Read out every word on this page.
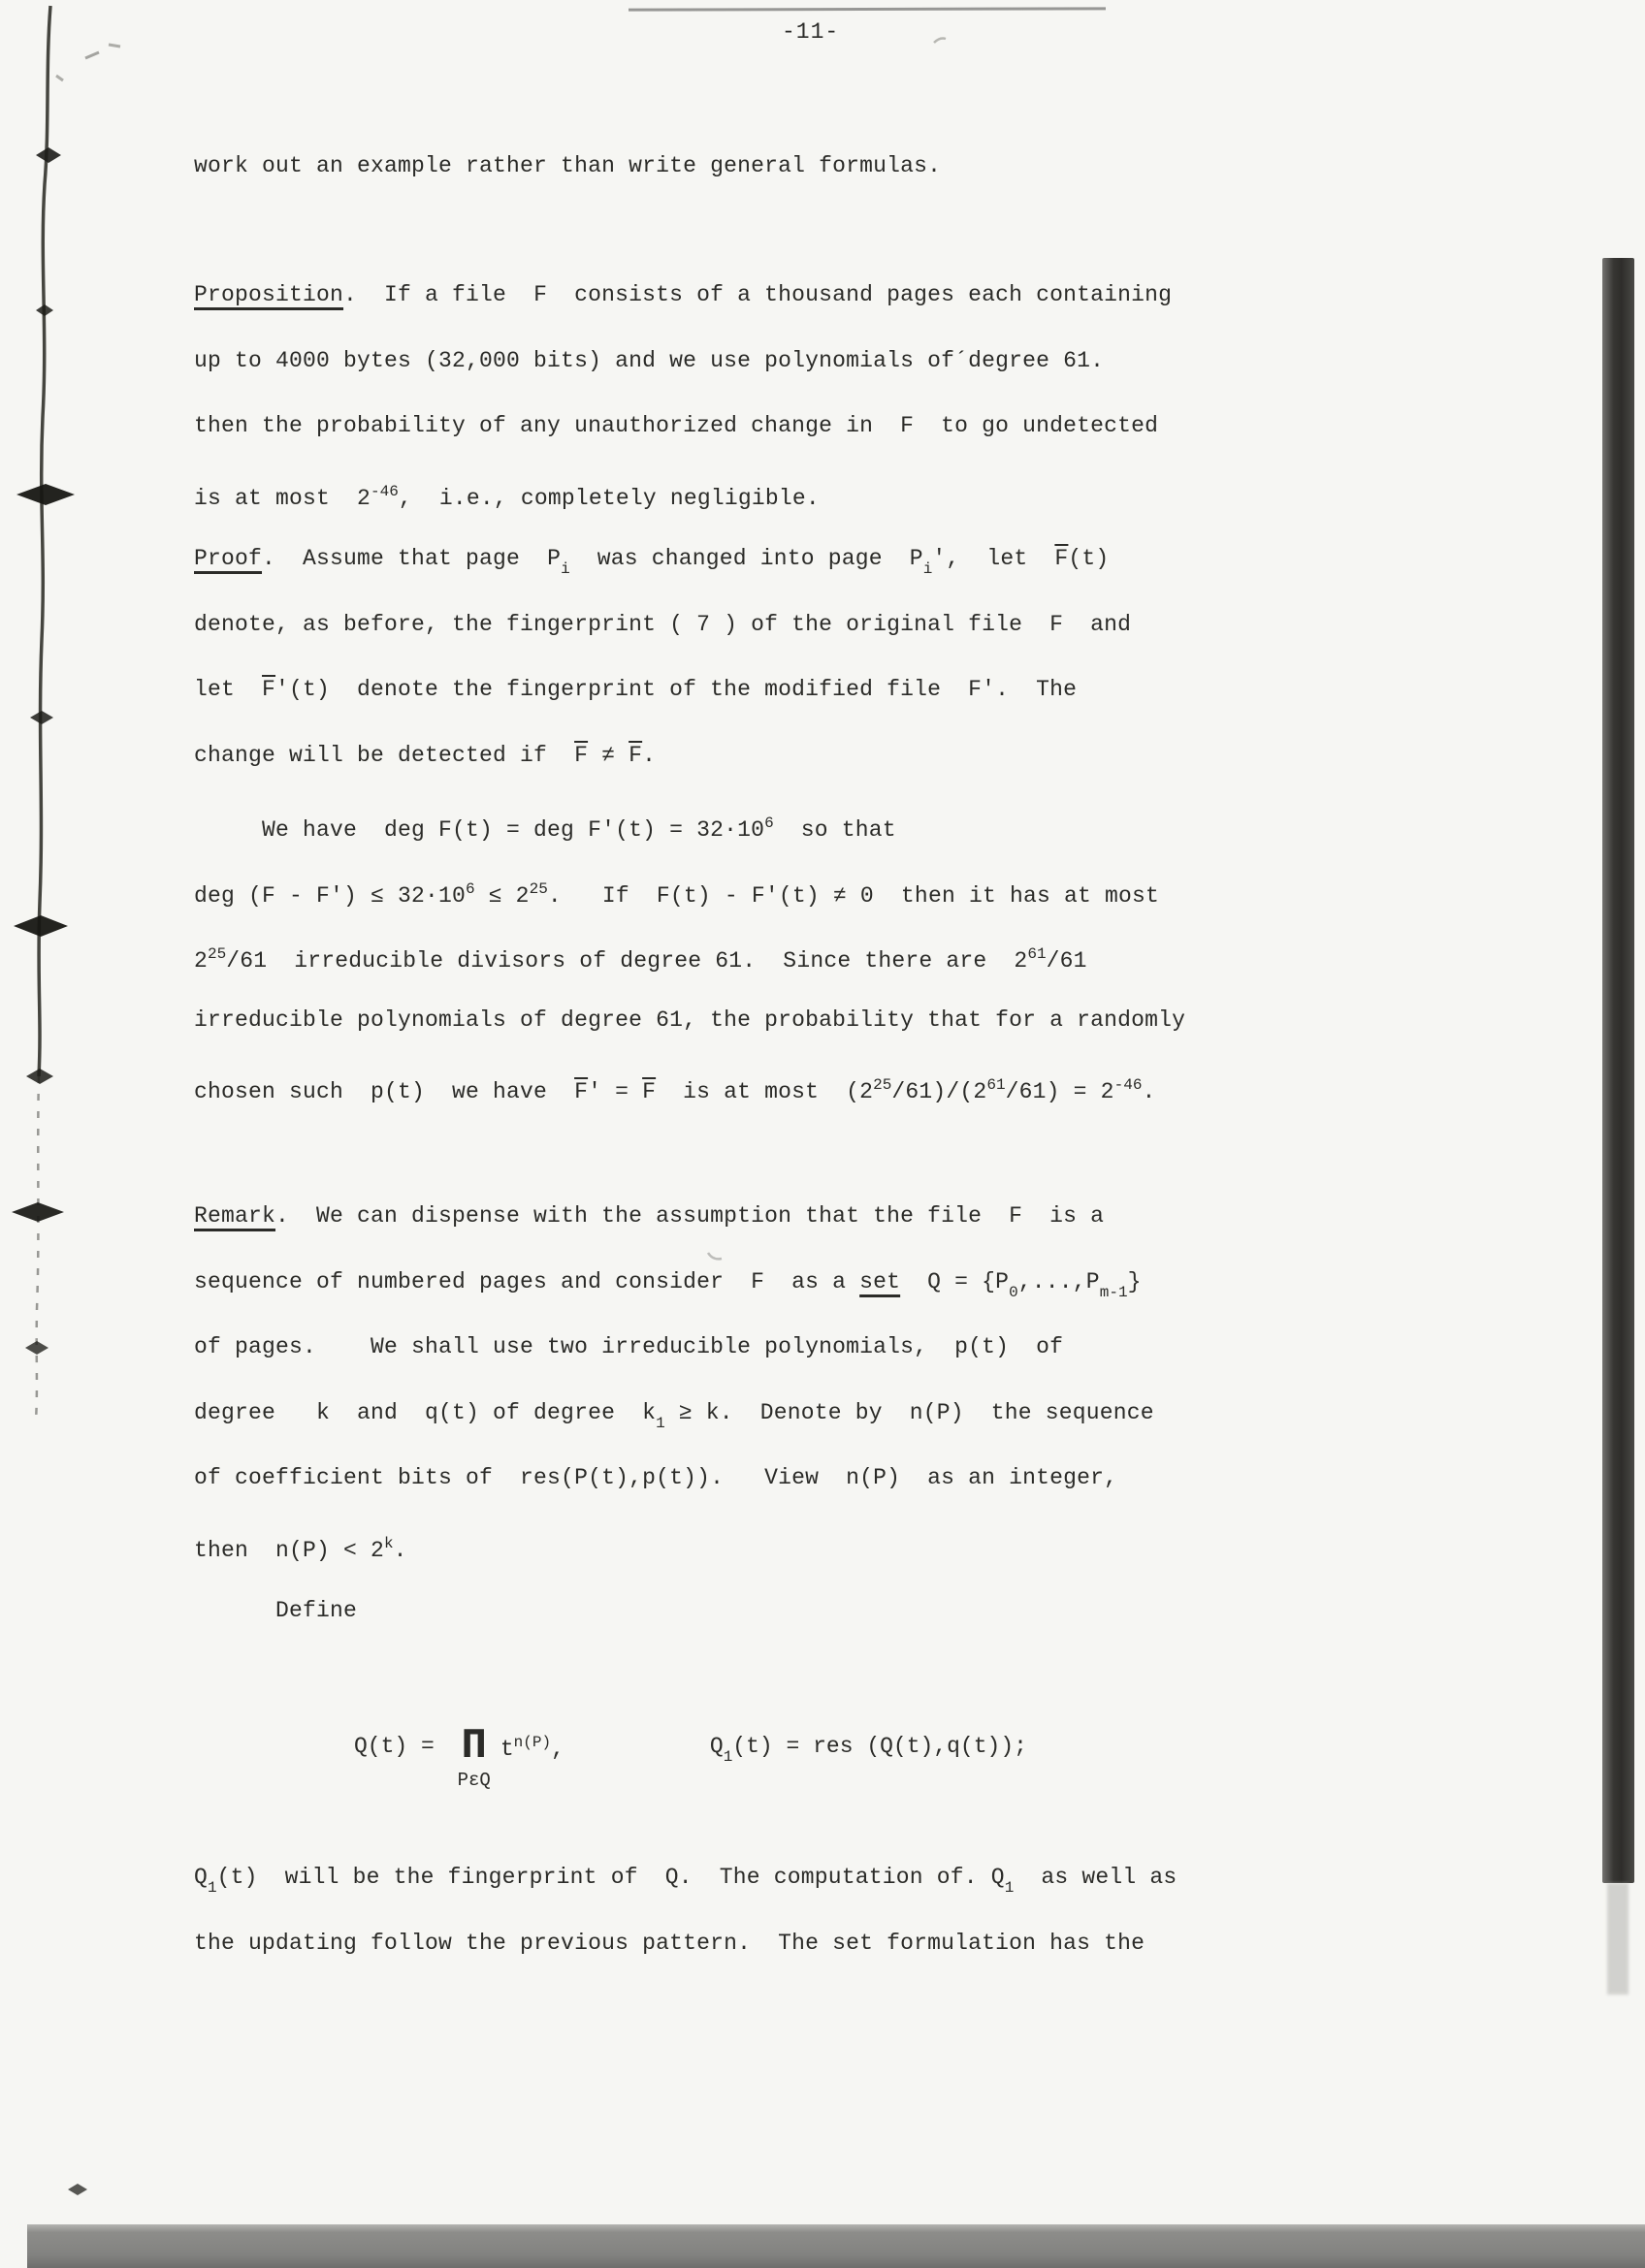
-11-
work out an example rather than write general formulas.
Proposition.  If a file  F  consists of a thousand pages each containing
up to 4000 bytes (32,000 bits) and we use polynomials of´degree 61.
then the probability of any unauthorized change in  F  to go undetected
is at most  $2^{-46}$,  i.e., completely negligible.
Proof.  Assume that page  $P_i$  was changed into page  $P_i'$,  let  $\overline{F}(t)$
denote, as before, the fingerprint ( 7 ) of the original file  F  and
let  $\overline{F}'(t)$  denote the fingerprint of the modified file  F'.  The
change will be detected if  $\overline{F} \ne \overline{F}$.
We have  deg F(t) = deg $F'(t) = 32\cdot 10^6$  so that
deg $(F - F') \le 32\cdot 10^6 \le 2^{25}$.   If  F(t) - F'(t) ≠ 0  then it has at most
$2^{25}/61$  irreducible divisors of degree 61.  Since there are  $2^{61}/61$
irreducible polynomials of degree 61, the probability that for a randomly
chosen such  p(t)  we have  $\overline{F}' = \overline{F}$  is at most  $(2^{25}/61)/(2^{61}/61) = 2^{-46}$.
Remark.  We can dispense with the assumption that the file  F  is a
sequence of numbered pages and consider  F  as a set  $Q = \{P_0,...,P_{m-1}\}$
of pages.    We shall use two irreducible polynomials,  p(t)  of
degree   k  and  q(t) of degree  $k_1 \ge k$.  Denote by  n(P)  the sequence
of coefficient bits of  res(P(t),p(t)).   View  n(P)  as an integer,
then  $n(P) < 2^k$.
Define
$Q_1(t)$  will be the fingerprint of  Q.  The computation of. $Q_1$  as well as
the updating follow the previous pattern.  The set formulation has the
Q(t) = Π
PεQ
$t^{n(P)}$,	$Q_1(t)$ = res (Q(t),q(t));
